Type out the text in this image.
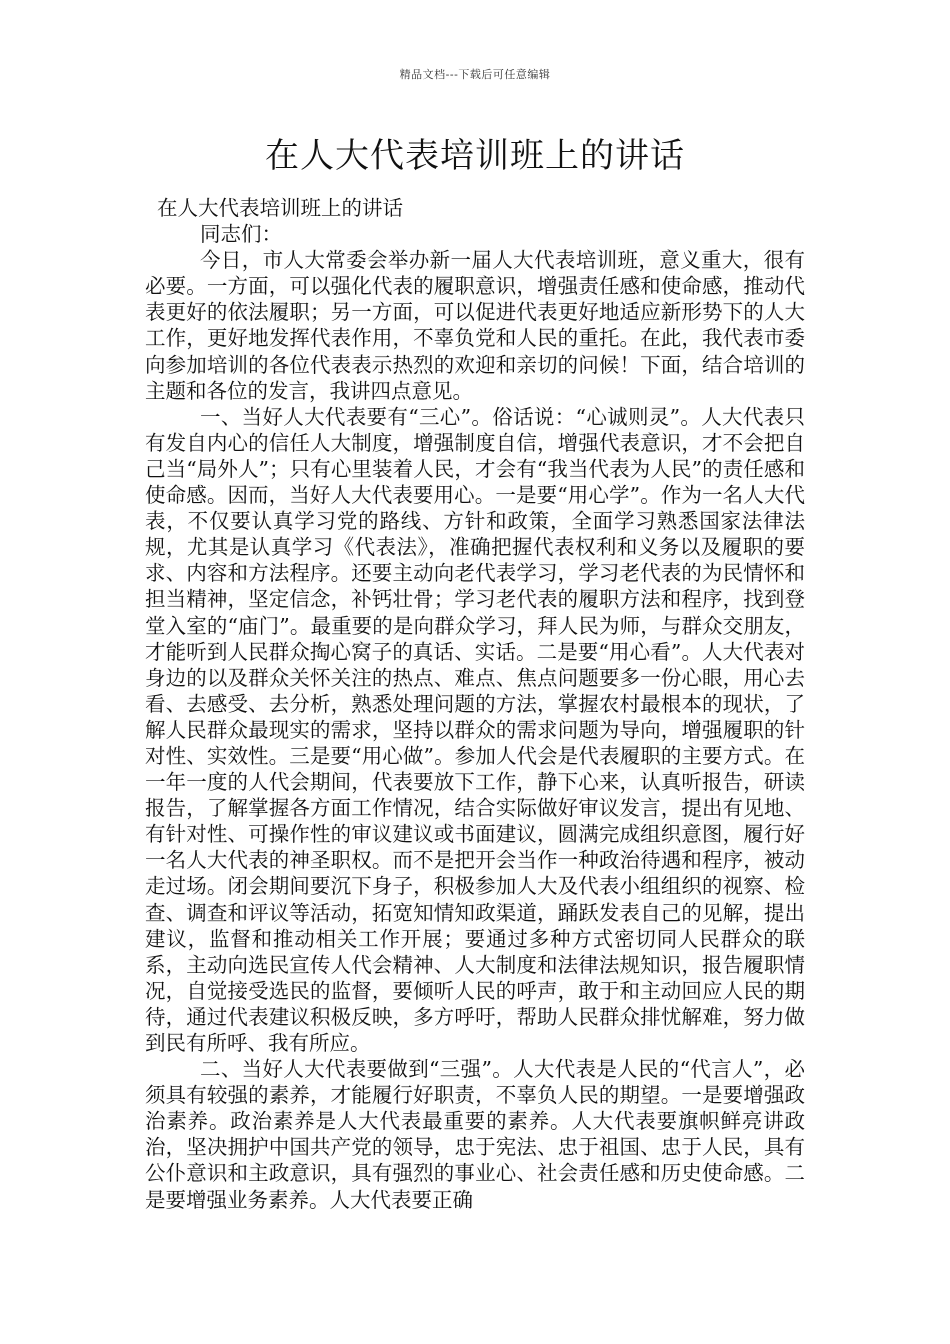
精品文档---下载后可任意编辑
在人大代表培训班上的讲话

在人大代表培训班上的讲话

同志们：

今日，市人大常委会举办新一届人大代表培训班，意义重大，很有必要。一方面，可以强化代表的履职意识，增强责任感和使命感，推动代表更好的依法履职；另一方面，可以促进代表更好地适应新形势下的人大工作，更好地发挥代表作用，不辜负党和人民的重托。在此，我代表市委向参加培训的各位代表表示热烈的欢迎和亲切的问候！下面，结合培训的主题和各位的发言，我讲四点意见。

一、当好人大代表要有“三心”。俗话说：“心诚则灵”。人大代表只有发自内心的信任人大制度，增强制度自信，增强代表意识，才不会把自己当“局外人”；只有心里装着人民，才会有“我当代表为人民”的责任感和使命感。因而，当好人大代表要用心。一是要“用心学”。作为一名人大代表，不仅要认真学习党的路线、方针和政策，全面学习熟悉国家法律法规，尤其是认真学习《代表法》，准确把握代表权利和义务以及履职的要求、内容和方法程序。还要主动向老代表学习，学习老代表的为民情怀和担当精神，坚定信念，补钙壮骨；学习老代表的履职方法和程序，找到登堂入室的“庙门”。最重要的是向群众学习，拜人民为师，与群众交朋友，才能听到人民群众掏心窝子的真话、实话。二是要“用心看”。人大代表对身边的以及群众关怀关注的热点、难点、焦点问题要多一份心眼，用心去看、去感受、去分析，熟悉处理问题的方法，掌握农村最根本的现状，了解人民群众最现实的需求，坚持以群众的需求问题为导向，增强履职的针对性、实效性。三是要“用心做”。参加人代会是代表履职的主要方式。在一年一度的人代会期间，代表要放下工作，静下心来，认真听报告，研读报告，了解掌握各方面工作情况，结合实际做好审议发言，提出有见地、有针对性、可操作性的审议建议或书面建议，圆满完成组织意图，履行好一名人大代表的神圣职权。而不是把开会当作一种政治待遇和程序，被动走过场。闭会期间要沉下身子，积极参加人大及代表小组组织的视察、检查、调查和评议等活动，拓宽知情知政渠道，踊跃发表自己的见解，提出建议，监督和推动相关工作开展；要通过多种方式密切同人民群众的联系，主动向选民宣传人代会精神、人大制度和法律法规知识，报告履职情况，自觉接受选民的监督，要倾听人民的呼声，敢于和主动回应人民的期待，通过代表建议积极反映，多方呼吁，帮助人民群众排忧解难，努力做到民有所呼、我有所应。

二、当好人大代表要做到“三强”。人大代表是人民的“代言人”，必须具有较强的素养，才能履行好职责，不辜负人民的期望。一是要增强政治素养。政治素养是人大代表最重要的素养。人大代表要旗帜鲜亮讲政治，坚决拥护中国共产党的领导，忠于宪法、忠于祖国、忠于人民，具有公仆意识和主政意识，具有强烈的事业心、社会责任感和历史使命感。二是要增强业务素养。人大代表要正确
